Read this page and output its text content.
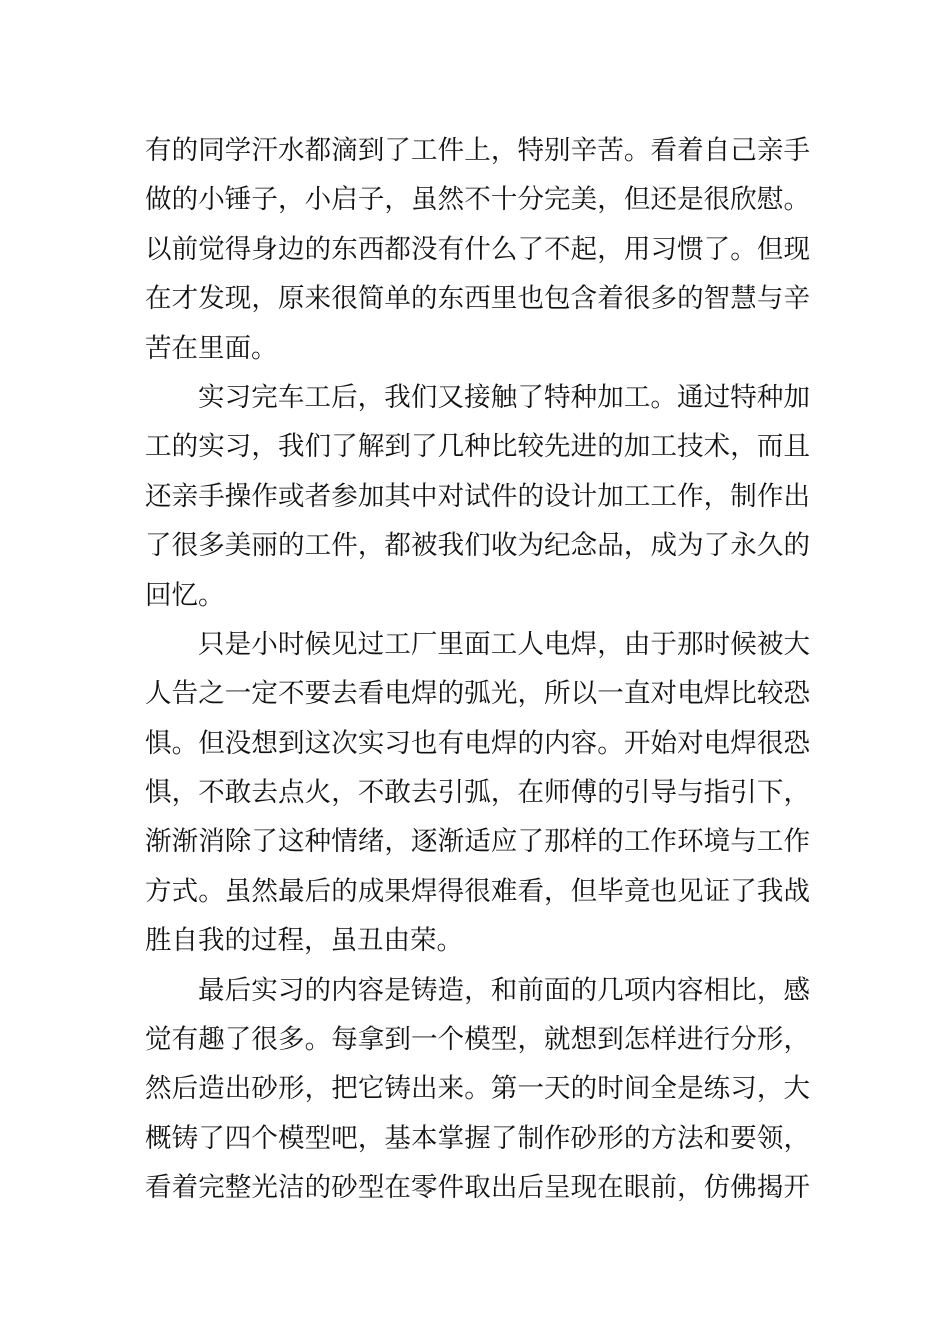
有的同学汗水都滴到了工件上，特别辛苦。看着自己亲手
做的小锤子，小启子，虽然不十分完美，但还是很欣慰。
以前觉得身边的东西都没有什么了不起，用习惯了。但现
在才发现，原来很简单的东西里也包含着很多的智慧与辛
苦在里面。
实习完车工后，我们又接触了特种加工。通过特种加
工的实习，我们了解到了几种比较先进的加工技术，而且
还亲手操作或者参加其中对试件的设计加工工作，制作出
了很多美丽的工件，都被我们收为纪念品，成为了永久的
回忆。
只是小时候见过工厂里面工人电焊，由于那时候被大
人告之一定不要去看电焊的弧光，所以一直对电焊比较恐
惧。但没想到这次实习也有电焊的内容。开始对电焊很恐
惧，不敢去点火，不敢去引弧，在师傅的引导与指引下，
渐渐消除了这种情绪，逐渐适应了那样的工作环境与工作
方式。虽然最后的成果焊得很难看，但毕竟也见证了我战
胜自我的过程，虽丑由荣。
最后实习的内容是铸造，和前面的几项内容相比，感
觉有趣了很多。每拿到一个模型，就想到怎样进行分形，
然后造出砂形，把它铸出来。第一天的时间全是练习，大
概铸了四个模型吧，基本掌握了制作砂形的方法和要领，
看着完整光洁的砂型在零件取出后呈现在眼前，仿佛揭开
